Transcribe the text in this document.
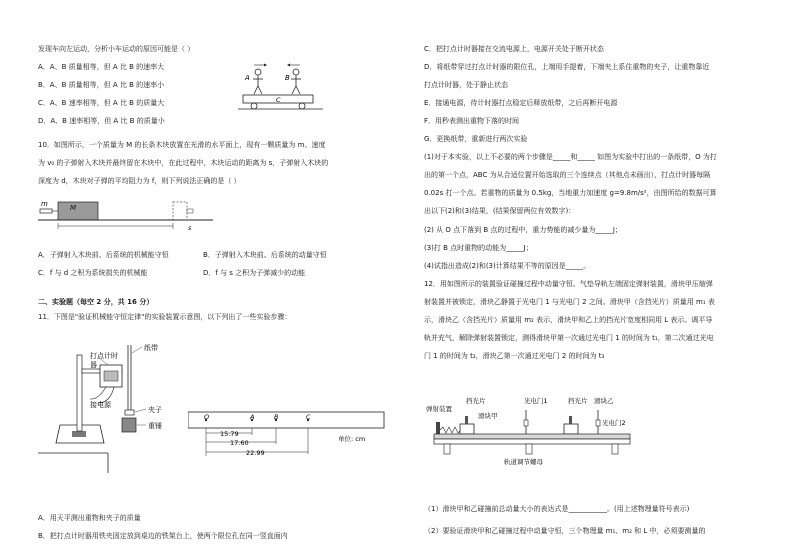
发现车向左运动，分析小车运动的原因可能是（ ）
A．A、B 质量相等，但 A 比 B 的速率大
B．A、B 质量相等，但 A 比 B 的速率小
C．A、B 速率相等，但 A 比 B 的质量大
D．A、B 速率相等，但 A 比 B 的质量小
A	B
C
10．如图所示，一个质量为 M 的长条木块放置在光滑的水平面上，现有一颗质量为 m、速度
为 v₀ 的子弹射入木块并最终留在木块中，在此过程中，木块运动的距离为 s，子弹射入木块的
深度为 d，木块对子弹的平均阻力为 f，则下列说法正确的是（ ）
m	M
s
A．子弹射入木块前、后系统的机械能守恒	B．子弹射入木块前、后系统的动量守恒
C．f 与 d 之积为系统损失的机械能	D．f 与 s 之积为子弹减少的动能
二、实验题（每空 2 分，共 16 分）
11．下图是"验证机械能守恒定律"的实验装置示意图，以下列出了一些实验步骤：
打点计时
器
纸带
接电源
夹子
重锤
O	A	B	C
15.79
17.60
22.99
单位: cm
A．用天平测出重物和夹子的质量
B．把打点计时器用铁夹固定放到桌边的铁架台上，使两个限位孔在同一竖直面内
C．把打点计时器接在交流电源上，电源开关处于断开状态
D．将纸带穿过打点计时器的限位孔，上端用手提着，下端夹上系住重物的夹子，让重物靠近
打点计时器，处于静止状态
E．接通电源，待计时器打点稳定后释放纸带，之后再断开电源
F．用秒表测出重物下落的时间
G．更换纸带，重新进行两次实验
(1)对于本实验，以上不必要的两个步骤是_____和_____ 如图为实验中打出的一条纸带，O 为打
出的第一个点，ABC 为从合适位置开始选取的三个连续点（其他点未画出），打点计时器每隔
0.02s 打一个点。若重物的质量为 0.5kg，当地重力加速度 g=9.8m/s²，由图所给的数据可算
出以下(2)和(3)结果，(结果保留两位有效数字)：
(2) 从 O 点下落到 B 点的过程中，重力势能的减少量为_____J；
(3)打 B 点时重物的动能为_____J；
(4)试指出造成(2)和(3)计算结果不等的原因是_____。
12．用如图所示的装置验证碰撞过程中动量守恒。气垫导轨左端固定弹射装置，滑块甲压缩弹
射装置并被锁定，滑块乙静置于光电门 1 与光电门 2 之间。滑块甲（含挡光片）质量用 m₁ 表
示，滑块乙（含挡光片）质量用 m₂ 表示，滑块甲和乙上的挡光片宽度相同用 L 表示。调平导
轨并充气，解除弹射装置锁定，测得滑块甲第一次通过光电门 1 的时间为 t₁，第二次通过光电
门 1 的时间为 t₂，滑块乙第一次通过光电门 2 的时间为 t₃
弹射装置
挡光片
滑块甲
光电门1	挡光片 滑块乙
光电门2
轨道调节螺母
（1）滑块甲和乙碰撞前总动量大小的表达式是___________。(用上述物理量符号表示)
（2）要验证滑块甲和乙碰撞过程中动量守恒，三个物理量 m₁、m₂ 和 L 中，必须要测量的
